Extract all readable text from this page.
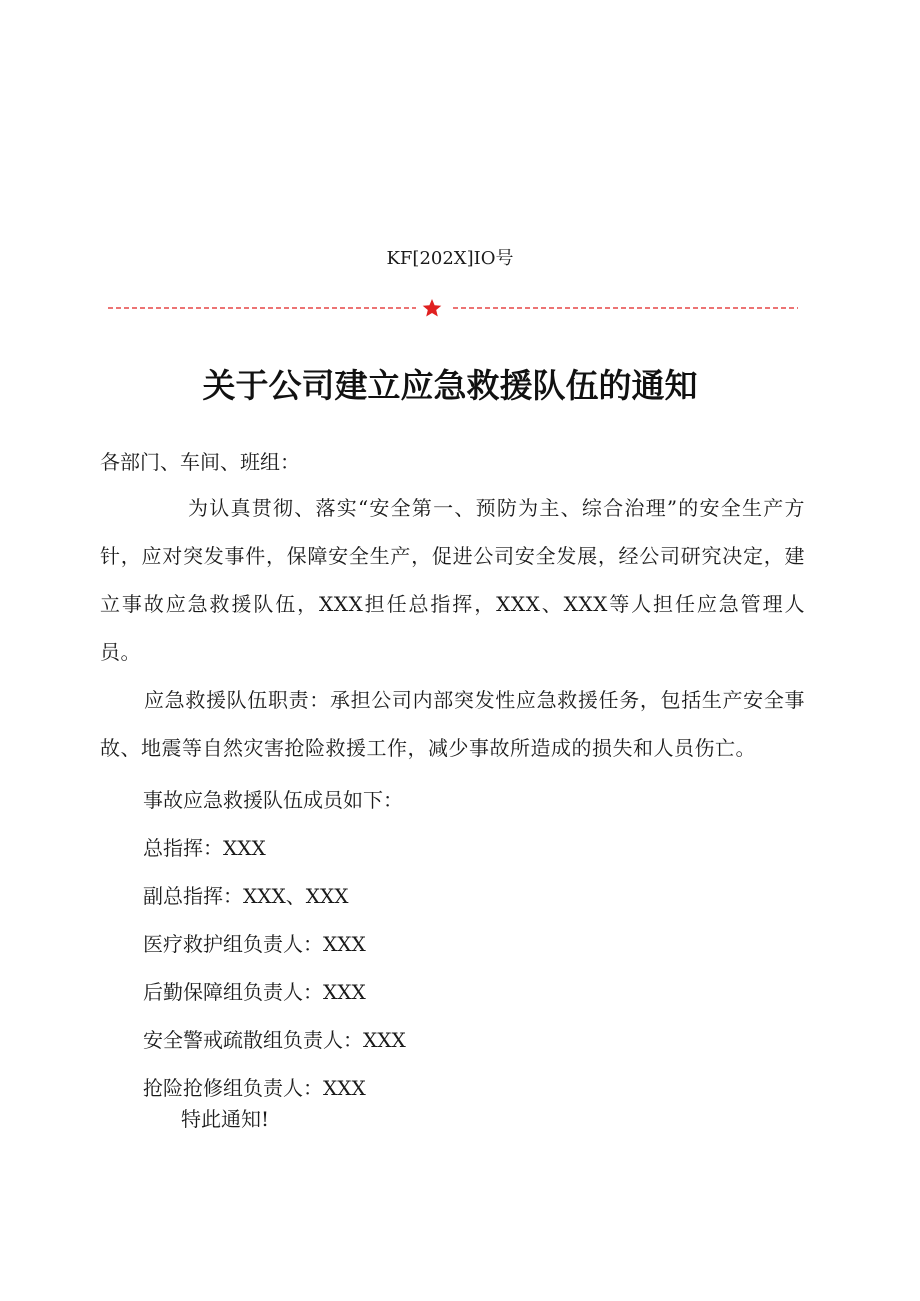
KF[202X]IO号
关于公司建立应急救援队伍的通知
各部门、车间、班组：
为认真贯彻、落实“安全第一、预防为主、综合治理”的安全生产方针，应对突发事件，保障安全生产，促进公司安全发展，经公司研究决定，建立事故应急救援队伍，XXX担任总指挥，XXX、XXX等人担任应急管理人员。
应急救援队伍职责：承担公司内部突发性应急救援任务，包括生产安全事故、地震等自然灾害抢险救援工作，减少事故所造成的损失和人员伤亡。
事故应急救援队伍成员如下：
总指挥：XXX
副总指挥：XXX、XXX
医疗救护组负责人：XXX
后勤保障组负责人：XXX
安全警戒疏散组负责人：XXX
抢险抢修组负责人：XXX
特此通知!
